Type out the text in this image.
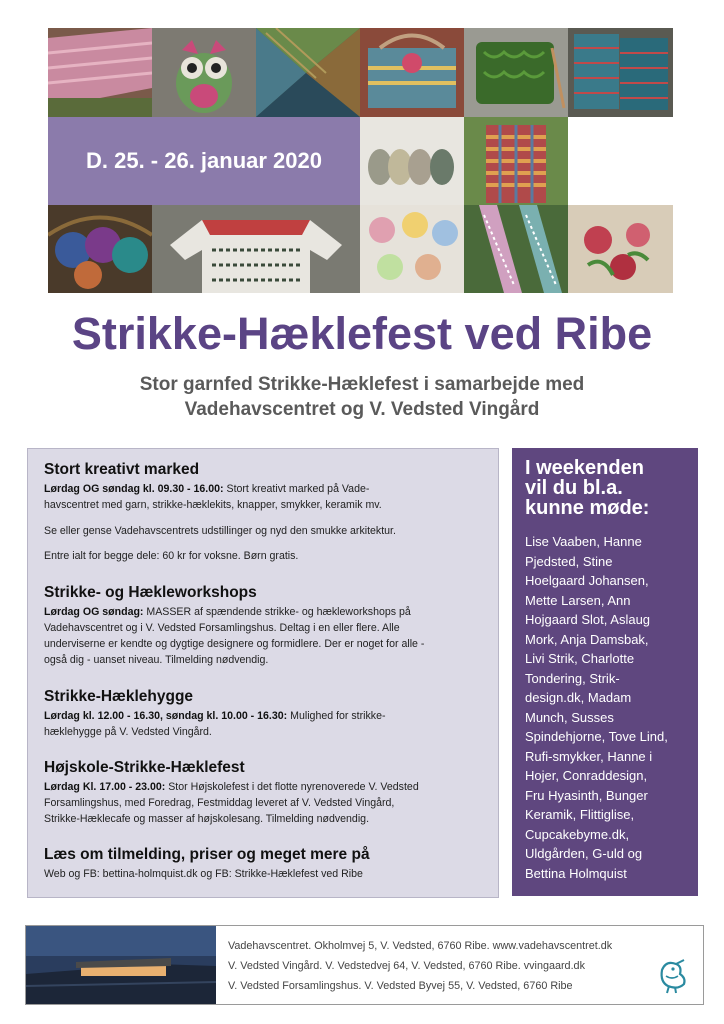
D. 25. - 26. januar 2020
Strikke-Hæklefest ved Ribe
Stor garnfed Strikke-Hæklefest i samarbejde med
Vadehavscentret og V. Vedsted Vingård
Stort kreativt marked
Lørdag OG søndag kl. 09.30 - 16.00: Stort kreativt marked på Vade-
havscentret med garn, strikke-hæklekits, knapper, smykker, keramik mv.
Se eller gense Vadehavscentrets udstillinger og nyd den smukke arkitektur.
Entre ialt for begge dele: 60 kr for voksne. Børn gratis.
Strikke- og Hækleworkshops
Lørdag OG søndag: MASSER af spændende strikke- og hækleworkshops på
Vadehavscentret og i V. Vedsted Forsamlingshus. Deltag i en eller flere. Alle
underviserne er kendte og dygtige designere og formidlere. Der er noget for alle -
også dig - uanset niveau. Tilmelding nødvendig.
Strikke-Hæklehygge
Lørdag kl. 12.00 - 16.30, søndag kl. 10.00 - 16.30: Mulighed for strikke-
hæklehygge på V. Vedsted Vingård.
Højskole-Strikke-Hæklefest
Lørdag Kl. 17.00 - 23.00: Stor Højskolefest i det flotte nyrenoverede V. Vedsted
Forsamlingshus, med Foredrag, Festmiddag leveret af V. Vedsted Vingård,
Strikke-Hæklecafe og masser af højskolesang. Tilmelding nødvendig.
Læs om tilmelding, priser og meget mere på
Web og FB: bettina-holmquist.dk og FB: Strikke-Hæklefest ved Ribe
I weekenden
vil du bl.a.
kunne møde:
Lise Vaaben, Hanne
Pjedsted, Stine
Hoelgaard Johansen,
Mette Larsen, Ann
Hojgaard Slot, Aslaug
Mork, Anja Damsbak,
Livi Strik, Charlotte
Tondering, Strik-
design.dk, Madam
Munch, Susses
Spindehjorne, Tove Lind,
Rufi-smykker, Hanne i
Hojer, Conraddesign,
Fru Hyasinth, Bunger
Keramik, Flittiglise,
Cupcakebyme.dk,
Uldgården, G-uld og
Bettina Holmquist
Vadehavscentret. Okholmvej 5, V. Vedsted, 6760 Ribe. www.vadehavscentret.dk
V. Vedsted Vingård. V. Vedstedvej 64, V. Vedsted, 6760 Ribe. vvingaard.dk
V. Vedsted Forsamlingshus. V. Vedsted Byvej 55, V. Vedsted, 6760 Ribe
